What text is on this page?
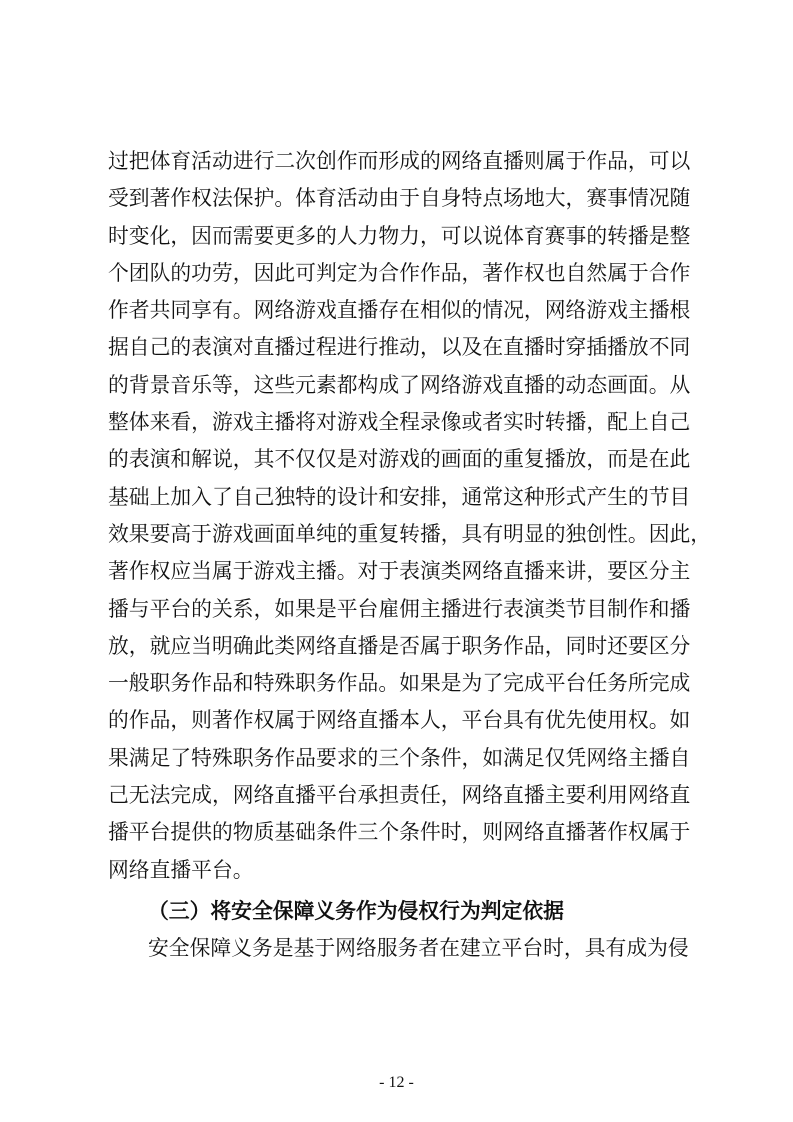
过把体育活动进行二次创作而形成的网络直播则属于作品，可以
受到著作权法保护。体育活动由于自身特点场地大，赛事情况随
时变化，因而需要更多的人力物力，可以说体育赛事的转播是整
个团队的功劳，因此可判定为合作作品，著作权也自然属于合作
作者共同享有。网络游戏直播存在相似的情况，网络游戏主播根
据自己的表演对直播过程进行推动，以及在直播时穿插播放不同
的背景音乐等，这些元素都构成了网络游戏直播的动态画面。从
整体来看，游戏主播将对游戏全程录像或者实时转播，配上自己
的表演和解说，其不仅仅是对游戏的画面的重复播放，而是在此
基础上加入了自己独特的设计和安排，通常这种形式产生的节目
效果要高于游戏画面单纯的重复转播，具有明显的独创性。因此，
著作权应当属于游戏主播。对于表演类网络直播来讲，要区分主
播与平台的关系，如果是平台雇佣主播进行表演类节目制作和播
放，就应当明确此类网络直播是否属于职务作品，同时还要区分
一般职务作品和特殊职务作品。如果是为了完成平台任务所完成
的作品，则著作权属于网络直播本人，平台具有优先使用权。如
果满足了特殊职务作品要求的三个条件，如满足仅凭网络主播自
己无法完成，网络直播平台承担责任，网络直播主要利用网络直
播平台提供的物质基础条件三个条件时，则网络直播著作权属于
网络直播平台。
（三）将安全保障义务作为侵权行为判定依据
安全保障义务是基于网络服务者在建立平台时，具有成为侵
- 12 -
